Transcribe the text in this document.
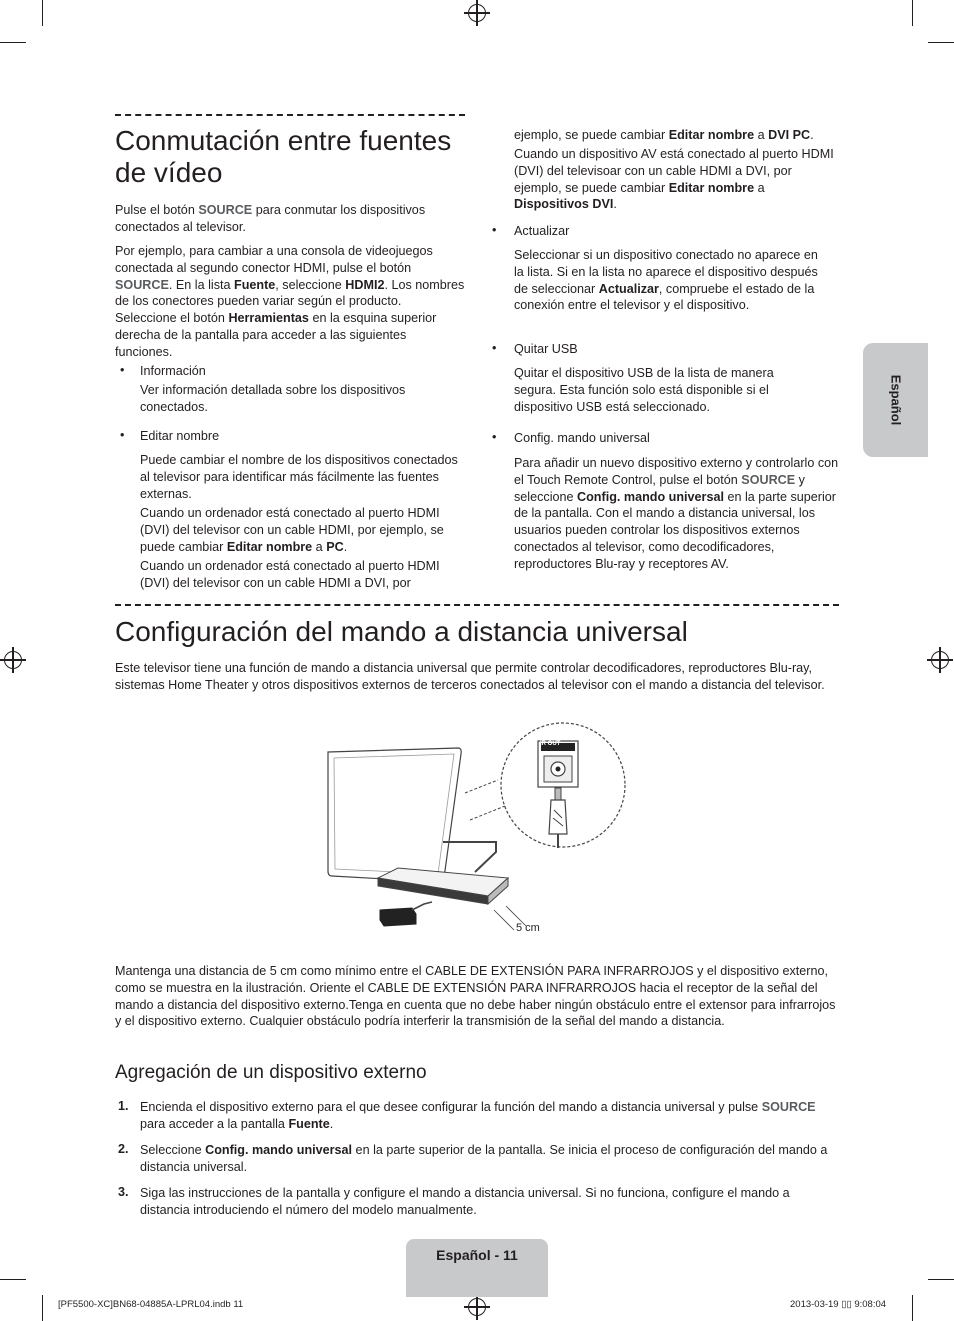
Español
Conmutación entre fuentes
de vídeo

Pulse el botón SOURCE para conmutar los dispositivos conectados al televisor.

Por ejemplo, para cambiar a una consola de videojuegos conectada al segundo conector HDMI, pulse el botón SOURCE. En la lista Fuente, seleccione HDMI2. Los nombres de los conectores pueden variar según el producto. Seleccione el botón Herramientas en la esquina superior derecha de la pantalla para acceder a las siguientes funciones.

• Información

Ver información detallada sobre los dispositivos conectados.

• Editar nombre

Puede cambiar el nombre de los dispositivos conectados al televisor para identificar más fácilmente las fuentes externas.

Cuando un ordenador está conectado al puerto HDMI (DVI) del televisor con un cable HDMI, por ejemplo, se puede cambiar Editar nombre a PC.

Cuando un ordenador está conectado al puerto HDMI (DVI) del televisor con un cable HDMI a DVI, por

ejemplo, se puede cambiar Editar nombre a DVI PC.

Cuando un dispositivo AV está conectado al puerto HDMI (DVI) del televisoar con un cable HDMI a DVI, por ejemplo, se puede cambiar Editar nombre a Dispositivos DVI.

• Actualizar

Seleccionar si un dispositivo conectado no aparece en la lista. Si en la lista no aparece el dispositivo después de seleccionar Actualizar, compruebe el estado de la conexión entre el televisor y el dispositivo.

• Quitar USB

Quitar el dispositivo USB de la lista de manera segura. Esta función solo está disponible si el dispositivo USB está seleccionado.

• Config. mando universal

Para añadir un nuevo dispositivo externo y controlarlo con el Touch Remote Control, pulse el botón SOURCE y seleccione Config. mando universal en la parte superior de la pantalla. Con el mando a distancia universal, los usuarios pueden controlar los dispositivos externos conectados al televisor, como decodificadores, reproductores Blu-ray y receptores AV.

Configuración del mando a distancia universal

Este televisor tiene una función de mando a distancia universal que permite controlar decodificadores, reproductores Blu-ray, sistemas Home Theater y otros dispositivos externos de terceros conectados al televisor con el mando a distancia del televisor.

IR OUT
5 cm

Mantenga una distancia de 5 cm como mínimo entre el CABLE DE EXTENSIÓN PARA INFRARROJOS y el dispositivo externo, como se muestra en la ilustración. Oriente el CABLE DE EXTENSIÓN PARA INFRARROJOS hacia el receptor de la señal del mando a distancia del dispositivo externo.Tenga en cuenta que no debe haber ningún obstáculo entre el extensor para infrarrojos y el dispositivo externo. Cualquier obstáculo podría interferir la transmisión de la señal del mando a distancia.

Agregación de un dispositivo externo
1. Encienda el dispositivo externo para el que desee configurar la función del mando a distancia universal y pulse SOURCE para acceder a la pantalla Fuente.

2. Seleccione Config. mando universal en la parte superior de la pantalla. Se inicia el proceso de configuración del mando a distancia universal.

3. Siga las instrucciones de la pantalla y configure el mando a distancia universal. Si no funciona, configure el mando a distancia introduciendo el número del modelo manualmente.

Español - 11
[PF5500-XC]BN68-04885A-LPRL04.indb 11	2013-03-19 ▯▯ 9:08:04
